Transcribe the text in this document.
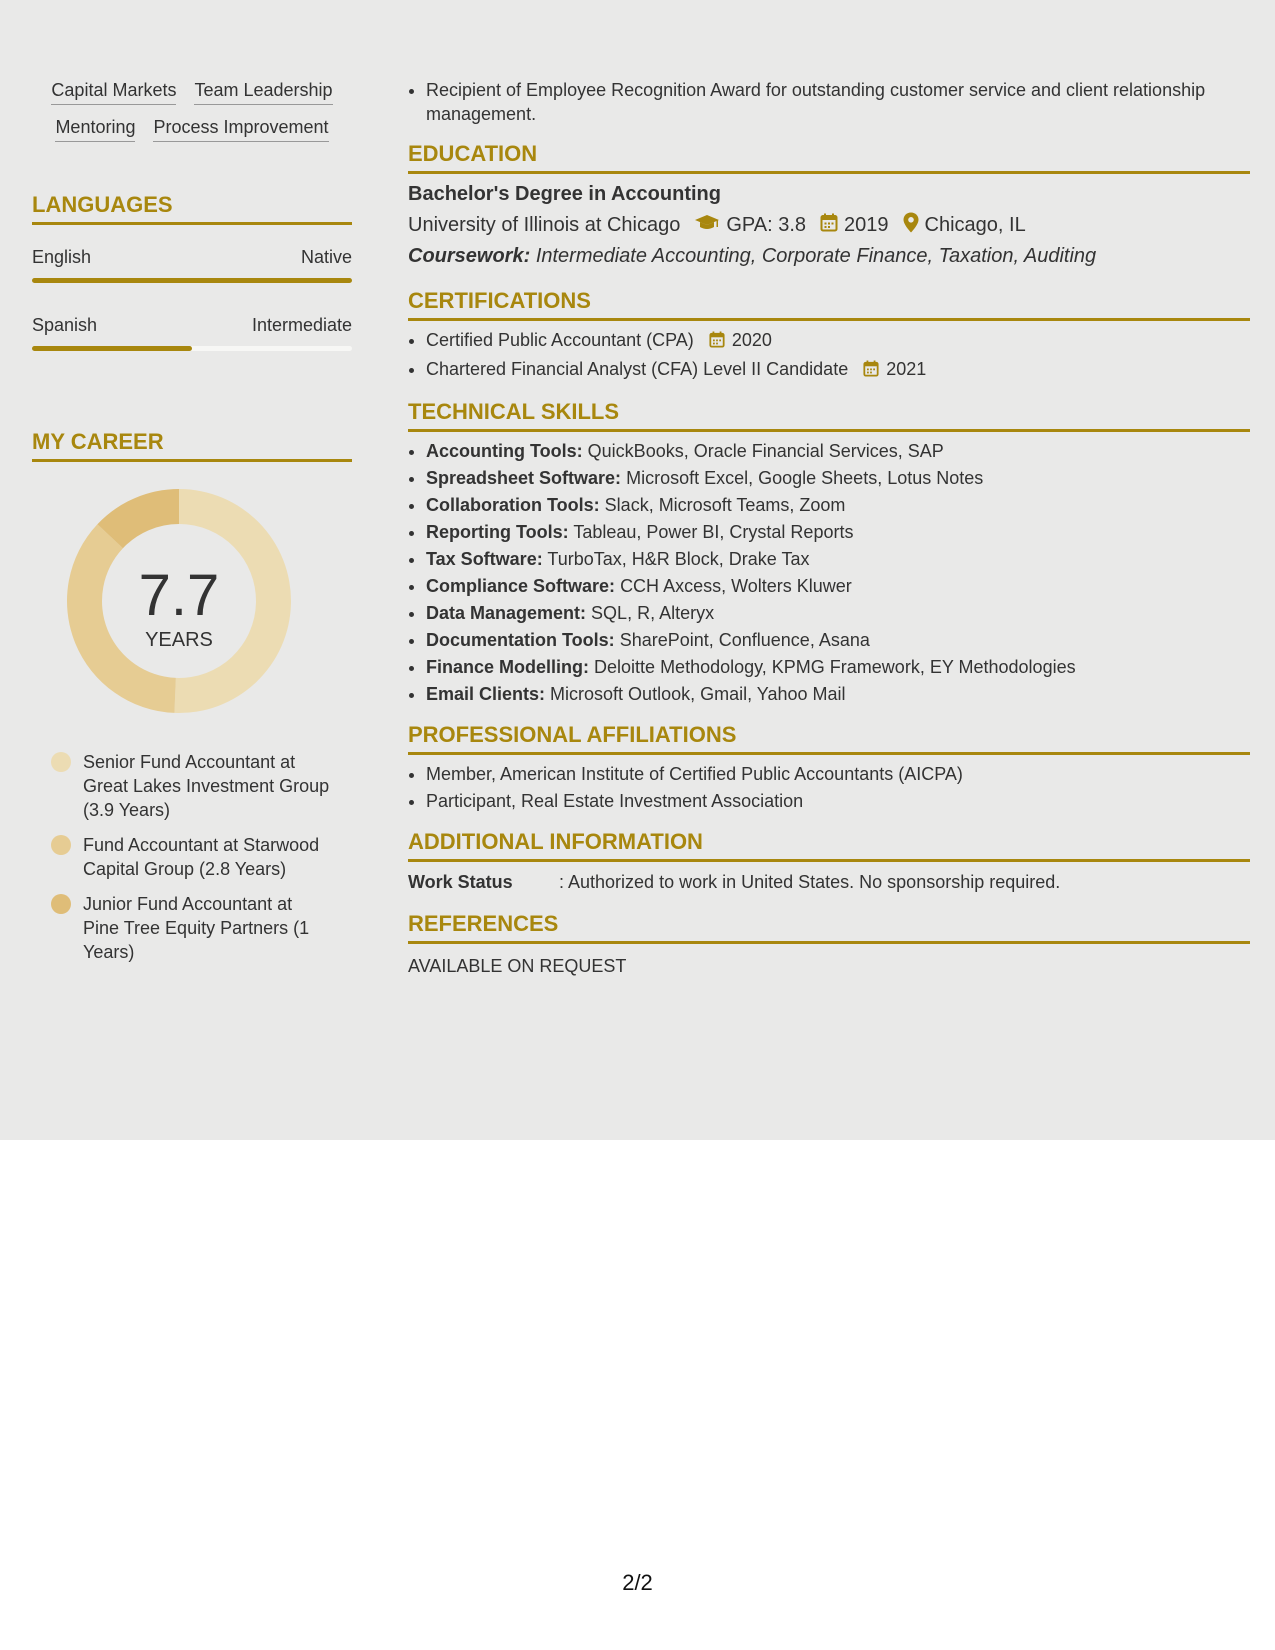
Capital Markets Team Leadership
Mentoring Process Improvement
LANGUAGES
English	Native
Spanish	Intermediate
MY CAREER
7.7
YEARS
Senior Fund Accountant at Great Lakes Investment Group (3.9 Years)
Fund Accountant at Starwood Capital Group (2.8 Years)
Junior Fund Accountant at Pine Tree Equity Partners (1 Years)
• Recipient of Employee Recognition Award for outstanding customer service and client relationship management.
EDUCATION
Bachelor's Degree in Accounting
University of Illinois at Chicago GPA: 3.8 2019 Chicago, IL
Coursework: Intermediate Accounting, Corporate Finance, Taxation, Auditing
CERTIFICATIONS
• Certified Public Accountant (CPA) 2020
• Chartered Financial Analyst (CFA) Level II Candidate 2021
TECHNICAL SKILLS
• Accounting Tools: QuickBooks, Oracle Financial Services, SAP
• Spreadsheet Software: Microsoft Excel, Google Sheets, Lotus Notes
• Collaboration Tools: Slack, Microsoft Teams, Zoom
• Reporting Tools: Tableau, Power BI, Crystal Reports
• Tax Software: TurboTax, H&R Block, Drake Tax
• Compliance Software: CCH Axcess, Wolters Kluwer
• Data Management: SQL, R, Alteryx
• Documentation Tools: SharePoint, Confluence, Asana
• Finance Modelling: Deloitte Methodology, KPMG Framework, EY Methodologies
• Email Clients: Microsoft Outlook, Gmail, Yahoo Mail
PROFESSIONAL AFFILIATIONS
• Member, American Institute of Certified Public Accountants (AICPA)
• Participant, Real Estate Investment Association
ADDITIONAL INFORMATION
Work Status	: Authorized to work in United States. No sponsorship required.
REFERENCES
AVAILABLE ON REQUEST
2/2
